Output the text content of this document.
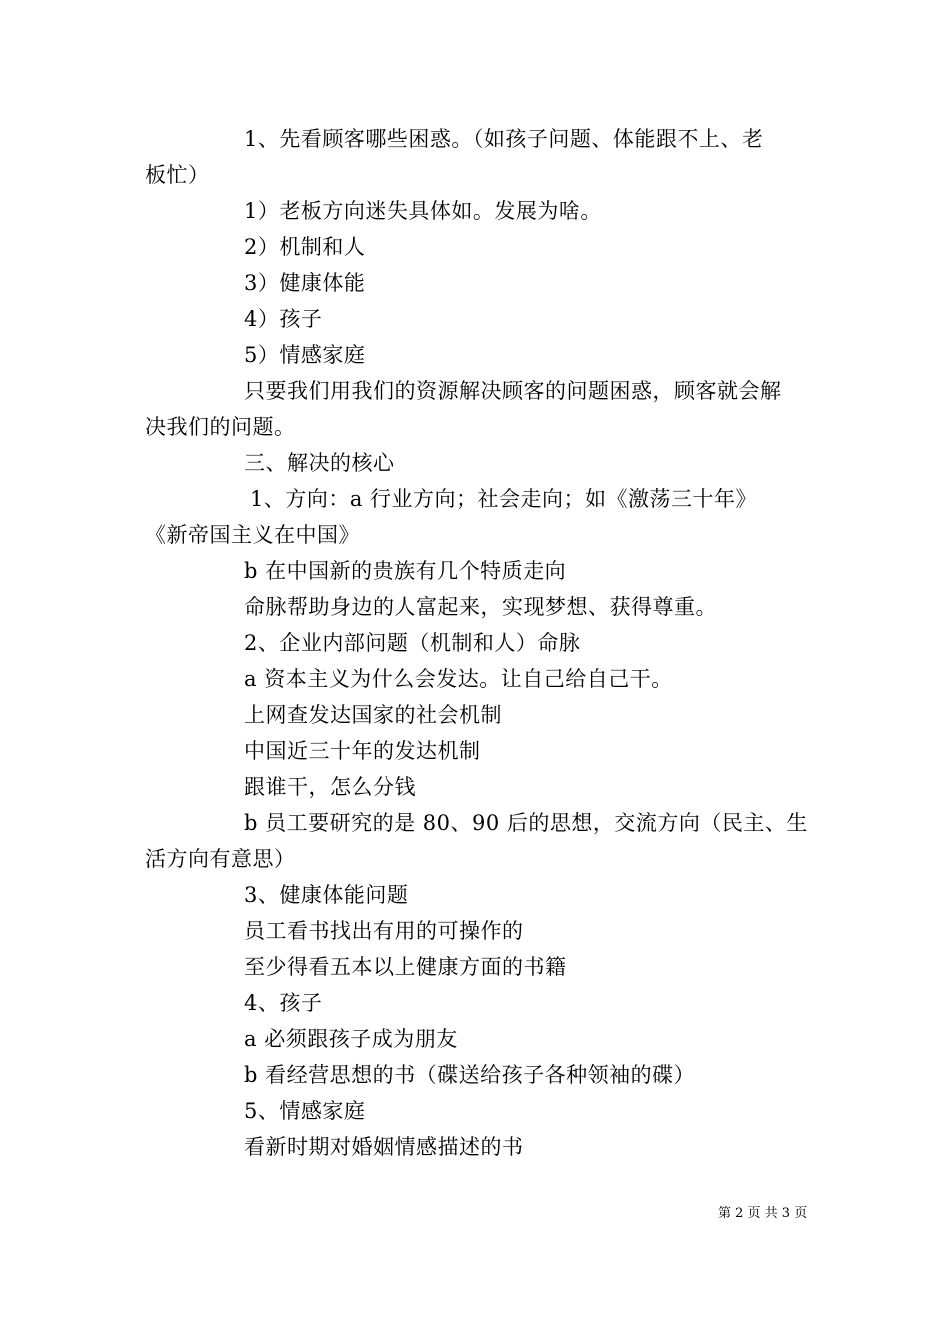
1、先看顾客哪些困惑。（如孩子问题、体能跟不上、老
板忙）
1）老板方向迷失具体如。发展为啥。
2）机制和人
3）健康体能
4）孩子
5）情感家庭
只要我们用我们的资源解决顾客的问题困惑，顾客就会解
决我们的问题。
三、解决的核心
1、方向：a 行业方向；社会走向；如《激荡三十年》
《新帝国主义在中国》
b 在中国新的贵族有几个特质走向
命脉帮助身边的人富起来，实现梦想、获得尊重。
2、企业内部问题（机制和人）命脉
a 资本主义为什么会发达。让自己给自己干。
上网查发达国家的社会机制
中国近三十年的发达机制
跟谁干，怎么分钱
b 员工要研究的是 80、90 后的思想，交流方向（民主、生
活方向有意思）
3、健康体能问题
员工看书找出有用的可操作的
至少得看五本以上健康方面的书籍
4、孩子
a 必须跟孩子成为朋友
b 看经营思想的书（碟送给孩子各种领袖的碟）
5、情感家庭
看新时期对婚姻情感描述的书
第 2 页 共 3 页
